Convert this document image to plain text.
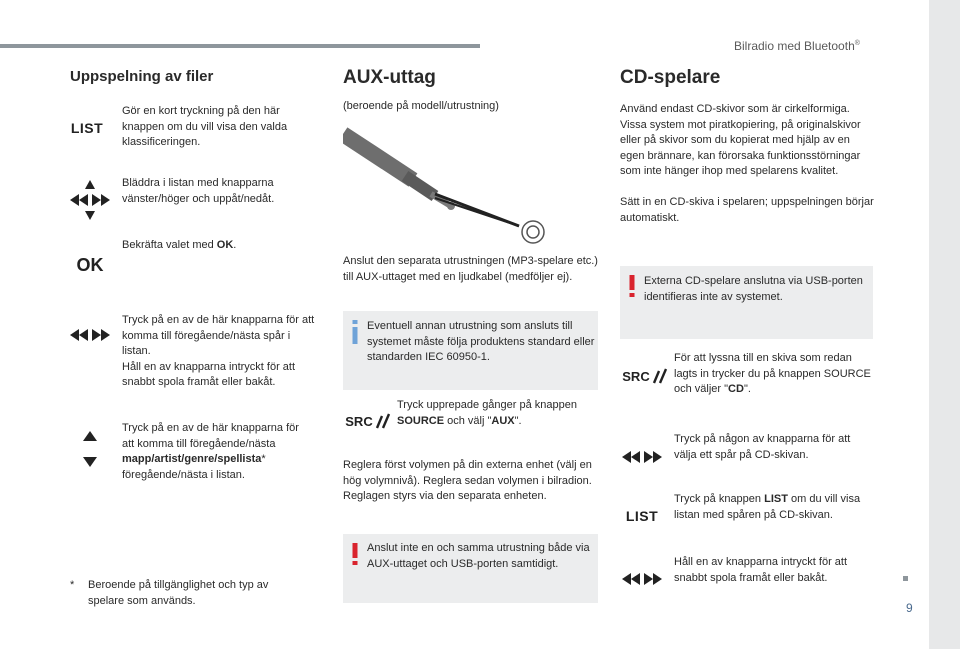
Bilradio med Bluetooth®
9
Uppspelning av filer
LIST

Gör en kort tryckning på den här knappen om du vill visa den valda klassificeringen.

Bläddra i listan med knapparna vänster/höger och uppåt/nedåt.

OK

Bekräfta valet med OK.

Tryck på en av de här knapparna för att komma till föregående/nästa spår i listan.
Håll en av knapparna intryckt för att snabbt spola framåt eller bakåt.

Tryck på en av de här knapparna för att komma till föregående/nästa mapp/artist/genre/spellista* föregående/nästa i listan.

*	Beroende på tillgänglighet och typ av spelare som används.

AUX-uttag

(beroende på modell/utrustning)

Anslut den separata utrustningen (MP3-spelare etc.) till AUX-uttaget med en ljudkabel (medföljer ej).

Eventuell annan utrustning som ansluts till systemet måste följa produktens standard eller standarden IEC 60950-1.

SRC

Tryck upprepade gånger på knappen SOURCE och välj "AUX".

Reglera först volymen på din externa enhet (välj en hög volymnivå). Reglera sedan volymen i bilradion. Reglagen styrs via den separata enheten.

Anslut inte en och samma utrustning både via AUX-uttaget och USB-porten samtidigt.

CD-spelare

Använd endast CD-skivor som är cirkelformiga. Vissa system mot piratkopiering, på originalskivor eller på skivor som du kopierat med hjälp av en egen brännare, kan förorsaka funktionsstörningar som inte hänger ihop med spelarens kvalitet.

Sätt in en CD-skiva i spelaren; uppspelningen börjar automatiskt.

Externa CD-spelare anslutna via USB-porten identifieras inte av systemet.

SRC

För att lyssna till en skiva som redan lagts in trycker du på knappen SOURCE och väljer "CD".

Tryck på någon av knapparna för att välja ett spår på CD-skivan.

LIST

Tryck på knappen LIST om du vill visa listan med spåren på CD-skivan.

Håll en av knapparna intryckt för att snabbt spola framåt eller bakåt.
